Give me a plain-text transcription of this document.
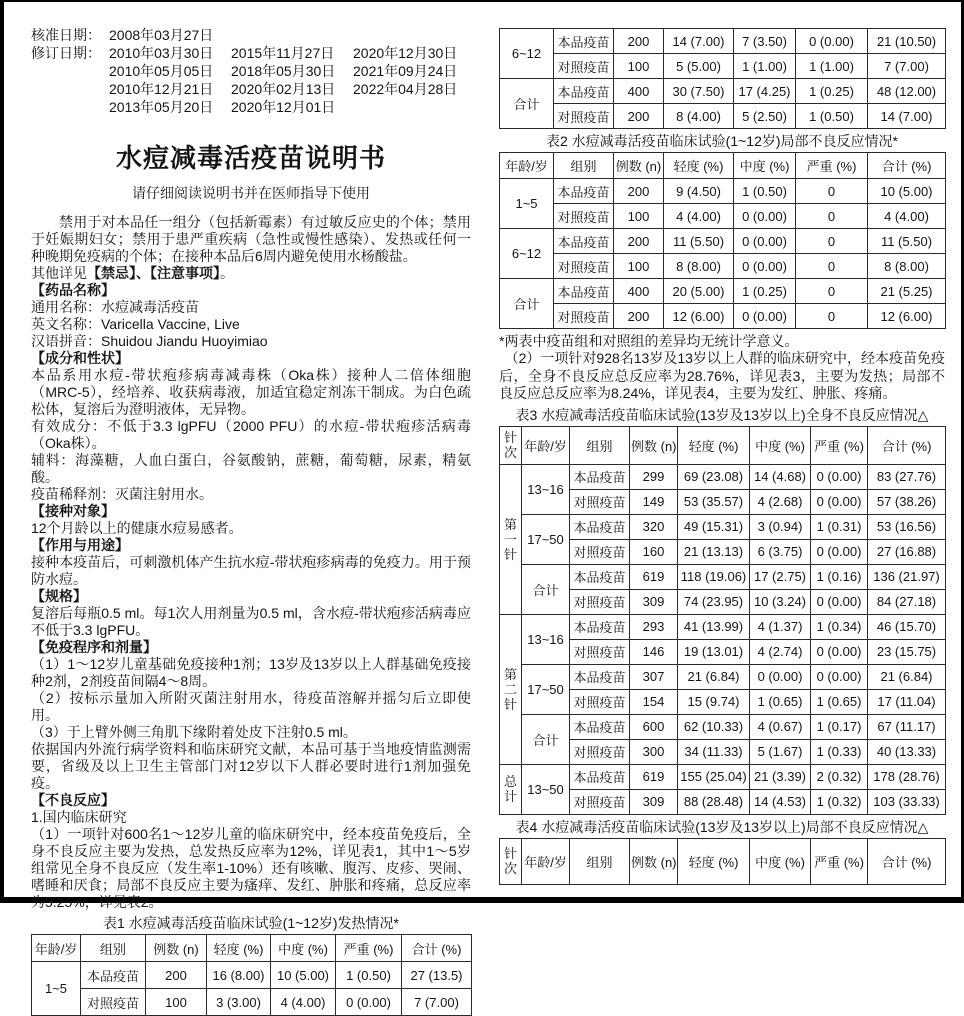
核准日期： 2008年03月27日
修订日期： 2010年03月30日	2015年11月27日	2020年12月30日
2010年05月05日	2018年05月30日	2021年09月24日
2010年12月21日	2020年02月13日	2022年04月28日
2013年05月20日	2020年12月01日
水痘减毒活疫苗说明书
请仔细阅读说明书并在医师指导下使用
禁用于对本品任一组分（包括新霉素）有过敏反应史的个体；禁用于妊娠期妇女；禁用于患严重疾病（急性或慢性感染）、发热或任何一种晚期免疫病的个体；在接种本品后6周内避免使用水杨酸盐。
其他详见【禁忌】、【注意事项】。
【药品名称】
通用名称：水痘减毒活疫苗
英文名称：Varicella Vaccine, Live
汉语拼音：Shuidou Jiandu Huoyimiao
【成分和性状】
本品系用水痘-带状疱疹病毒减毒株（Oka株）接种人二倍体细胞（MRC-5），经培养、收获病毒液，加适宜稳定剂冻干制成。为白色疏松体，复溶后为澄明液体，无异物。
有效成分：不低于3.3 lgPFU（2000 PFU）的水痘-带状疱疹活病毒（Oka株）。
辅料：海藻糖，人血白蛋白，谷氨酸钠，蔗糖，葡萄糖，尿素，精氨酸。
疫苗稀释剂：灭菌注射用水。
【接种对象】
12个月龄以上的健康水痘易感者。
【作用与用途】
接种本疫苗后，可刺激机体产生抗水痘-带状疱疹病毒的免疫力。用于预防水痘。
【规格】
复溶后每瓶0.5 ml。每1次人用剂量为0.5 ml，含水痘-带状疱疹活病毒应不低于3.3 lgPFU。
【免疫程序和剂量】
（1）1～12岁儿童基础免疫接种1剂；13岁及13岁以上人群基础免疫接种2剂，2剂疫苗间隔4～8周。
（2）按标示量加入所附灭菌注射用水，待疫苗溶解并摇匀后立即使用。
（3）于上臂外侧三角肌下缘附着处皮下注射0.5 ml。
依据国内外流行病学资料和临床研究文献，本品可基于当地疫情监测需要，省级及以上卫生主管部门对12岁以下人群必要时进行1剂加强免疫。
【不良反应】
1.国内临床研究
（1）一项针对600名1～12岁儿童的临床研究中，经本疫苗免疫后，全身不良反应主要为发热，总发热反应率为12%，详见表1，其中1～5岁组常见全身不良反应（发生率1-10%）还有咳嗽、腹泻、皮疹、哭闹、嗜睡和厌食；局部不良反应主要为瘙痒、发红、肿胀和疼痛，总反应率为5.25%，详见表2。
表1 水痘减毒活疫苗临床试验(1~12岁)发热情况*
年龄/岁	组别	例数 (n)	轻度 (%)	中度 (%)	严重 (%)	合计 (%)
1~5	本品疫苗	200	16 (8.00)	10 (5.00)	1 (0.50)	27 (13.5)
	对照疫苗	100	3 (3.00)	4 (4.00)	0 (0.00)	7 (7.00)
6~12	本品疫苗	200	14 (7.00)	7 (3.50)	0 (0.00)	21 (10.50)
	对照疫苗	100	5 (5.00)	1 (1.00)	1 (1.00)	7 (7.00)
合计	本品疫苗	400	30 (7.50)	17 (4.25)	1 (0.25)	48 (12.00)
	对照疫苗	200	8 (4.00)	5 (2.50)	1 (0.50)	14 (7.00)
表2 水痘减毒活疫苗临床试验(1~12岁)局部不良反应情况*
年龄/岁	组别	例数 (n)	轻度 (%)	中度 (%)	严重 (%)	合计 (%)
1~5	本品疫苗	200	9 (4.50)	1 (0.50)	0	10 (5.00)
	对照疫苗	100	4 (4.00)	0 (0.00)	0	4 (4.00)
6~12	本品疫苗	200	11 (5.50)	0 (0.00)	0	11 (5.50)
	对照疫苗	100	8 (8.00)	0 (0.00)	0	8 (8.00)
合计	本品疫苗	400	20 (5.00)	1 (0.25)	0	21 (5.25)
	对照疫苗	200	12 (6.00)	0 (0.00)	0	12 (6.00)
*两表中疫苗组和对照组的差异均无统计学意义。
（2）一项针对928名13岁及13岁以上人群的临床研究中，经本疫苗免疫后，全身不良反应总反应率为28.76%，详见表3，主要为发热；局部不良反应总反应率为8.24%，详见表4，主要为发红、肿胀、疼痛。
表3 水痘减毒活疫苗临床试验(13岁及13岁以上)全身不良反应情况△
针次	年龄/岁	组别	例数 (n)	轻度 (%)	中度 (%)	严重 (%)	合计 (%)
第一针	13~16	本品疫苗	299	69 (23.08)	14 (4.68)	0 (0.00)	83 (27.76)
		对照疫苗	149	53 (35.57)	4 (2.68)	0 (0.00)	57 (38.26)
	17~50	本品疫苗	320	49 (15.31)	3 (0.94)	1 (0.31)	53 (16.56)
		对照疫苗	160	21 (13.13)	6 (3.75)	0 (0.00)	27 (16.88)
	合计	本品疫苗	619	118 (19.06)	17 (2.75)	1 (0.16)	136 (21.97)
		对照疫苗	309	74 (23.95)	10 (3.24)	0 (0.00)	84 (27.18)
第二针	13~16	本品疫苗	293	41 (13.99)	4 (1.37)	1 (0.34)	46 (15.70)
		对照疫苗	146	19 (13.01)	4 (2.74)	0 (0.00)	23 (15.75)
	17~50	本品疫苗	307	21 (6.84)	0 (0.00)	0 (0.00)	21 (6.84)
		对照疫苗	154	15 (9.74)	1 (0.65)	1 (0.65)	17 (11.04)
	合计	本品疫苗	600	62 (10.33)	4 (0.67)	1 (0.17)	67 (11.17)
		对照疫苗	300	34 (11.33)	5 (1.67)	1 (0.33)	40 (13.33)
总计	13~50	本品疫苗	619	155 (25.04)	21 (3.39)	2 (0.32)	178 (28.76)
		对照疫苗	309	88 (28.48)	14 (4.53)	1 (0.32)	103 (33.33)
表4 水痘减毒活疫苗临床试验(13岁及13岁以上)局部不良反应情况△
针次	年龄/岁	组别	例数 (n)	轻度 (%)	中度 (%)	严重 (%)	合计 (%)
